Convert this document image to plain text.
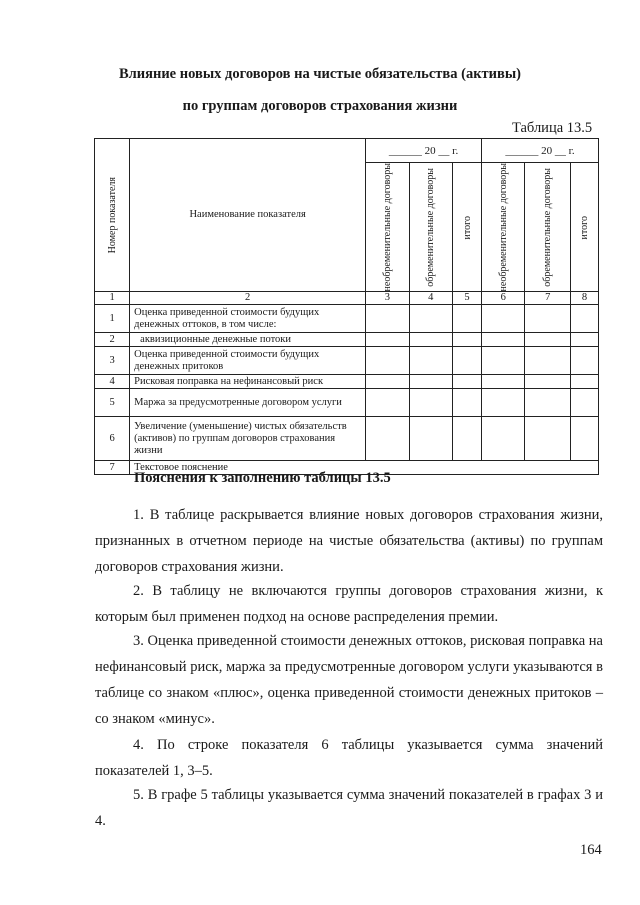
Влияние новых договоров на чистые обязательства (активы)
по группам договоров страхования жизни
Таблица 13.5
Номер показателя	Наименование показателя	______ 20 __ г.			______ 20 __ г.		

		необременительные договоры	обременительные договоры	итого	необременительные договоры	обременительные договоры	итого

1	2	3	4	5	6	7	8
1	Оценка приведенной стоимости будущих денежных оттоков, в том числе:						
2	аквизиционные денежные потоки						
3	Оценка приведенной стоимости будущих денежных притоков						
4	Рисковая поправка на нефинансовый риск						
5	Маржа за предусмотренные договором услуги						
6	Увеличение (уменьшение) чистых обязательств (активов) по группам договоров страхования жизни						
7	Текстовое пояснение						
Пояснения к заполнению таблицы 13.5
1. В таблице раскрывается влияние новых договоров страхования жизни, признанных в отчетном периоде на чистые обязательства (активы) по группам договоров страхования жизни.
2. В таблицу не включаются группы договоров страхования жизни, к которым был применен подход на основе распределения премии.
3. Оценка приведенной стоимости денежных оттоков, рисковая поправка на нефинансовый риск, маржа за предусмотренные договором услуги указываются в таблице со знаком «плюс», оценка приведенной стоимости денежных притоков – со знаком «минус».
4. По строке показателя 6 таблицы указывается сумма значений показателей 1, 3–5.
5. В графе 5 таблицы указывается сумма значений показателей в графах 3 и 4.
164
